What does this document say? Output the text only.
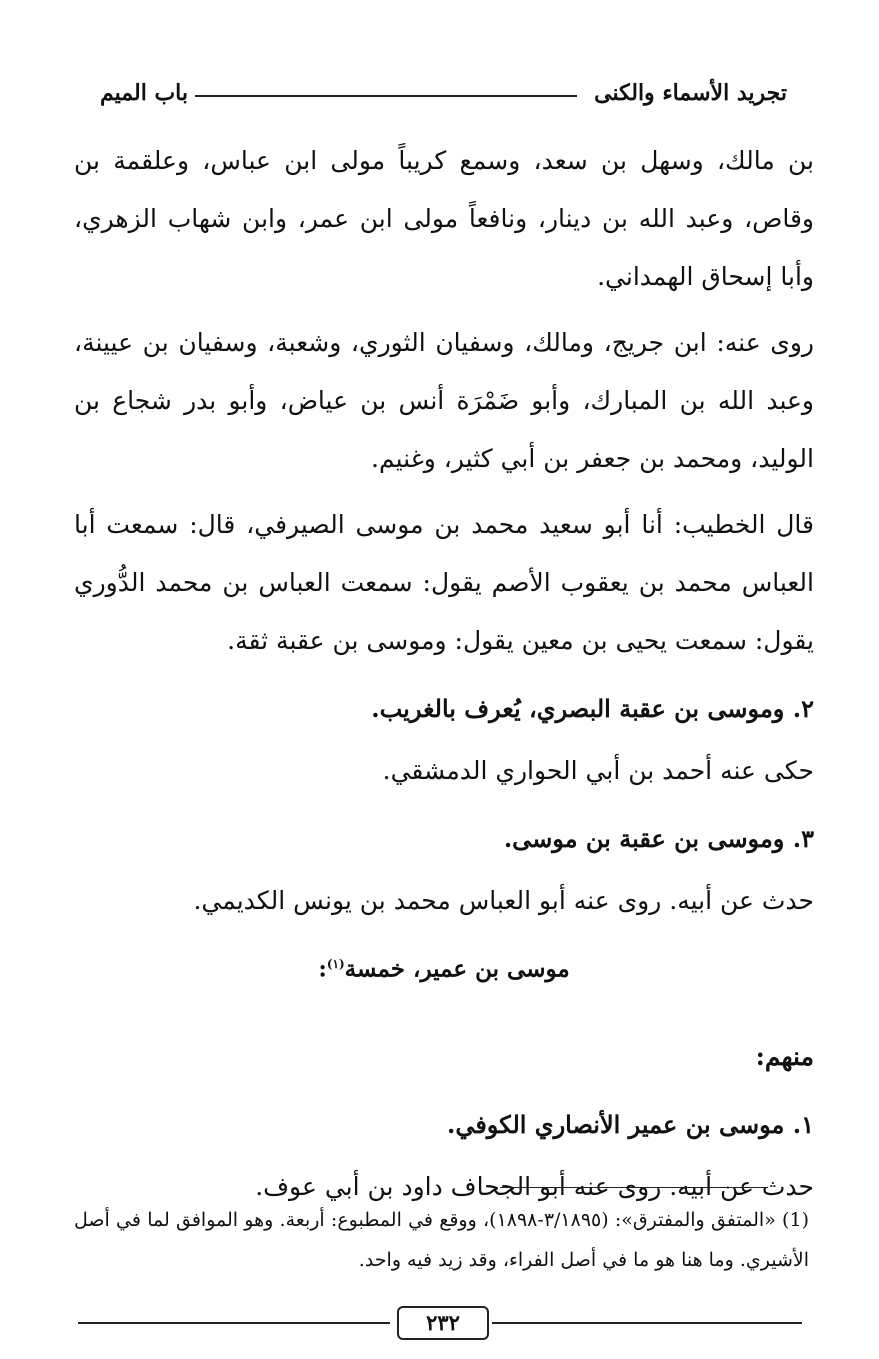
تجريد الأسماء والكنى
باب الميم

بن مالك، وسهل بن سعد، وسمع كريباً مولى ابن عباس، وعلقمة بن وقاص، وعبد الله بن دينار، ونافعاً مولى ابن عمر، وابن شهاب الزهري، وأبا إسحاق الهمداني.

روى عنه: ابن جريج، ومالك، وسفيان الثوري، وشعبة، وسفيان بن عيينة، وعبد الله بن المبارك، وأبو ضَمْرَة أنس بن عياض، وأبو بدر شجاع بن الوليد، ومحمد بن جعفر بن أبي كثير، وغنيم.

قال الخطيب: أنا أبو سعيد محمد بن موسى الصيرفي، قال: سمعت أبا العباس محمد بن يعقوب الأصم يقول: سمعت العباس بن محمد الدُّوري يقول: سمعت يحيى بن معين يقول: وموسى بن عقبة ثقة.

٢. وموسى بن عقبة البصري، يُعرف بالغريب.

حكى عنه أحمد بن أبي الحواري الدمشقي.

٣. وموسى بن عقبة بن موسى.

حدث عن أبيه. روى عنه أبو العباس محمد بن يونس الكديمي.

موسى بن عمير، خمسة$^{(١)}$:
منهم:
١. موسى بن عمير الأنصاري الكوفي.

حدث عن أبيه. روى عنه أبو الجحاف داود بن أبي عوف.

(1) «المتفق والمفترق»: (٣/١٨٩٥-١٨٩٨)، ووقع في المطبوع: أربعة. وهو الموافق لما في أصل الأشيري. وما هنا هو ما في أصل الفراء، وقد زيد فيه واحد.
٢٣٢
